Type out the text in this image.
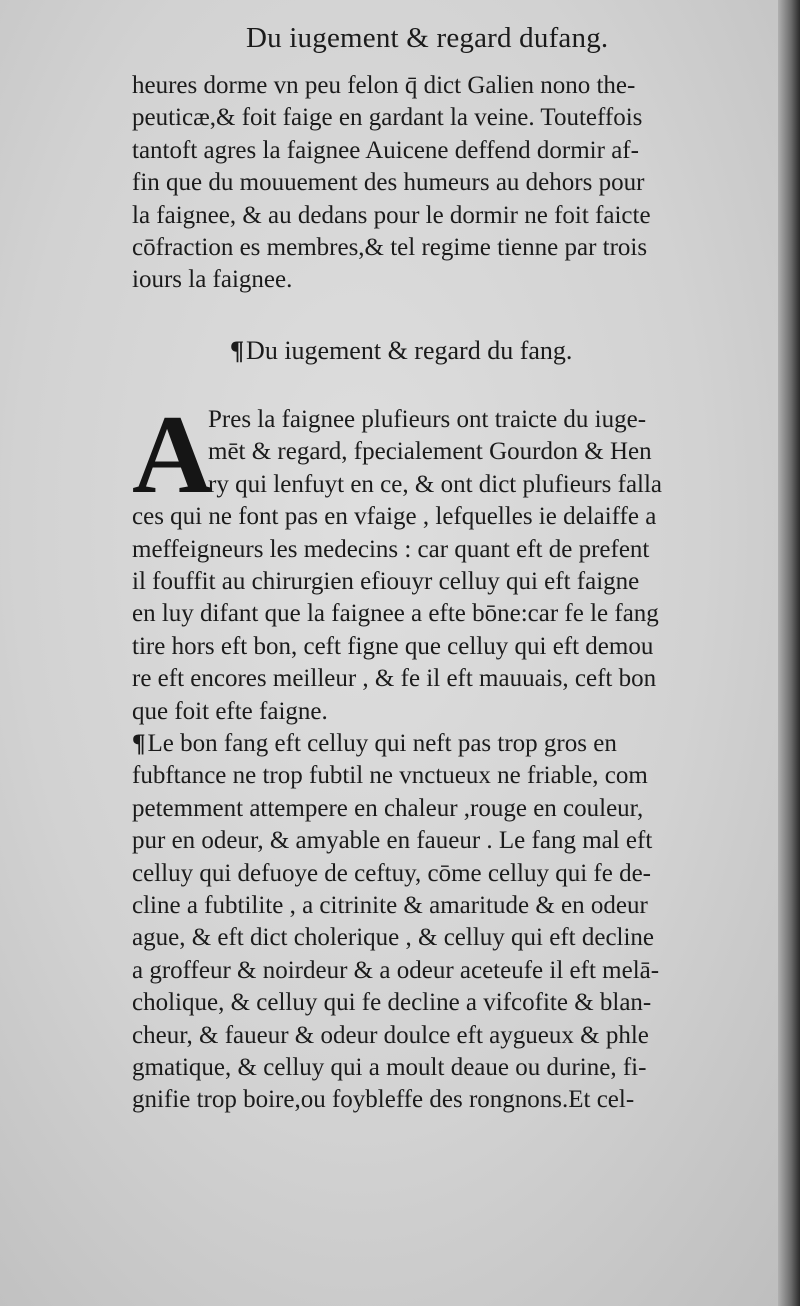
Du iugement & regard dufang.
heures dorme vn peu felon q̄ dict Galien nono the-
peuticæ,& foit faige en gardant la veine. Touteffois
tantoft agres la faignee Auicene deffend dormir af-
fin que du mouuement des humeurs au dehors pour
la faignee, & au dedans pour le dormir ne foit faicte
cōfraction es membres,& tel regime tienne par trois
iours la faignee.
¶Du iugement & regard du fang.
A
Pres la faignee plufieurs ont traicte du iuge-
mēt & regard, fpecialement Gourdon & Hen
ry qui lenfuyt en ce, & ont dict plufieurs falla
ces qui ne font pas en vfaige , lefquelles ie delaiffe a
meffeigneurs les medecins : car quant eft de prefent
il fouffit au chirurgien efiouyr celluy qui eft faigne
en luy difant que la faignee a efte bōne:car fe le fang
tire hors eft bon, ceft figne que celluy qui eft demou
re eft encores meilleur , & fe il eft mauuais, ceft bon
que foit efte faigne.
¶Le bon fang eft celluy qui neft pas trop gros en
fubftance ne trop fubtil ne vnctueux ne friable, com
petemment attempere en chaleur ,rouge en couleur,
pur en odeur, & amyable en faueur . Le fang mal eft
celluy qui defuoye de ceftuy, cōme celluy qui fe de-
cline a fubtilite , a citrinite & amaritude & en odeur
ague, & eft dict cholerique , & celluy qui eft decline
a groffeur & noirdeur & a odeur aceteufe il eft melā-
cholique, & celluy qui fe decline a vifcofite & blan-
cheur, & faueur & odeur doulce eft aygueux & phle
gmatique, & celluy qui a moult deaue ou durine, fi-
gnifie trop boire,ou foybleffe des rongnons.Et cel-
